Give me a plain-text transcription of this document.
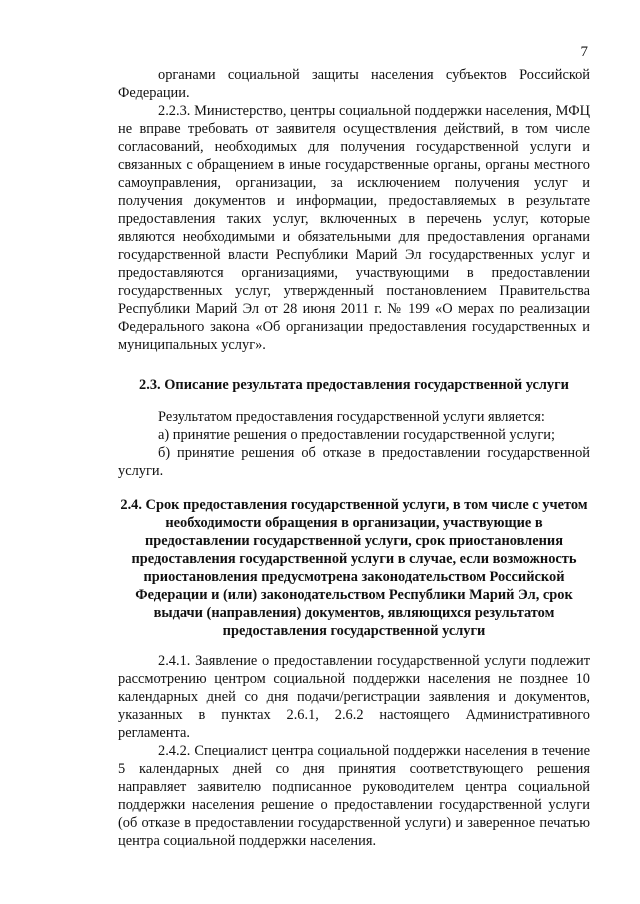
7

органами социальной защиты населения субъектов Российской Федерации.

2.2.3. Министерство, центры социальной поддержки населения, МФЦ не вправе требовать от заявителя осуществления действий, в том числе согласований, необходимых для получения государственной услуги и связанных с обращением в иные государственные органы, органы местного самоуправления, организации, за исключением получения услуг и получения документов и информации, предоставляемых в результате предоставления таких услуг, включенных в перечень услуг, которые являются необходимыми и обязательными для предоставления органами государственной власти Республики Марий Эл государственных услуг и предоставляются организациями, участвующими в предоставлении государственных услуг, утвержденный постановлением Правительства Республики Марий Эл от 28 июня 2011 г. № 199 «О мерах по реализации Федерального закона «Об организации предоставления государственных и муниципальных услуг».

2.3. Описание результата предоставления государственной услуги

Результатом предоставления государственной услуги является:

а) принятие решения о предоставлении государственной услуги;

б) принятие решения об отказе в предоставлении государственной услуги.

2.4. Срок предоставления государственной услуги, в том числе с учетом необходимости обращения в организации, участвующие в предоставлении государственной услуги, срок приостановления предоставления государственной услуги в случае, если возможность приостановления предусмотрена законодательством Российской Федерации и (или) законодательством Республики Марий Эл, срок выдачи (направления) документов, являющихся результатом предоставления государственной услуги

2.4.1. Заявление о предоставлении государственной услуги подлежит рассмотрению центром социальной поддержки населения не позднее 10 календарных дней со дня подачи/регистрации заявления и документов, указанных в пунктах 2.6.1, 2.6.2 настоящего Административного регламента.

2.4.2. Специалист центра социальной поддержки населения в течение 5 календарных дней со дня принятия соответствующего решения направляет заявителю подписанное руководителем центра социальной поддержки населения решение о предоставлении государственной услуги (об отказе в предоставлении государственной услуги) и заверенное печатью центра социальной поддержки населения.
